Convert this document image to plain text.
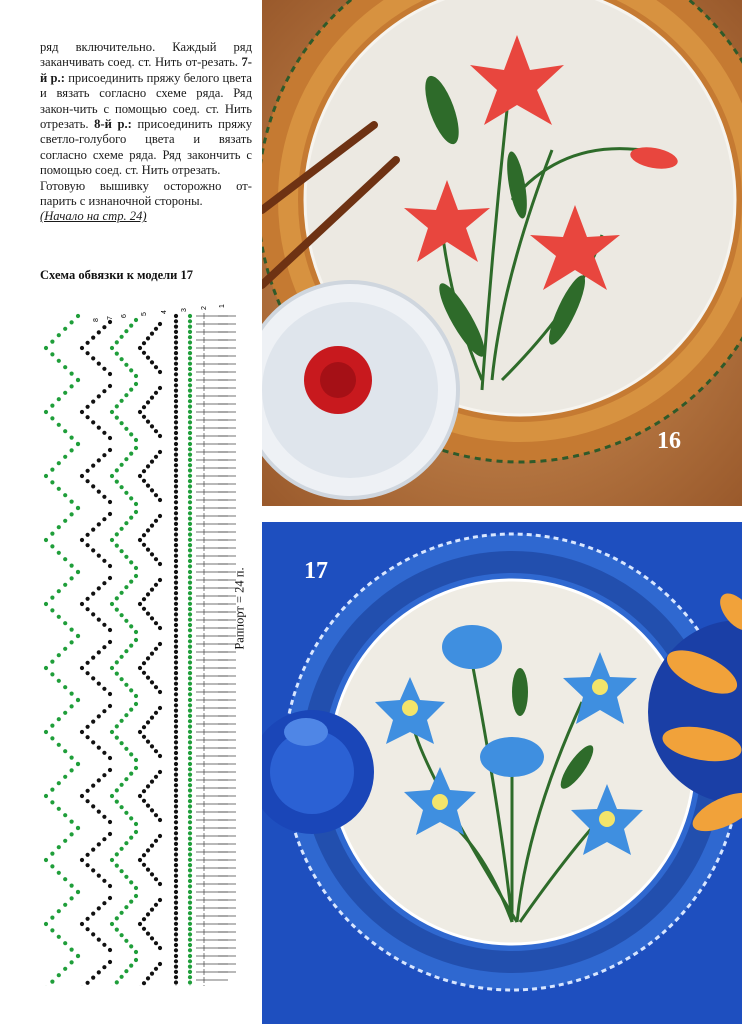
ряд включительно. Каждый ряд заканчивать соед. ст. Нить от-резать. 7-й р.: присоединить пряжу белого цвета и вязать согласно схеме ряда. Ряд закон-чить с помощью соед. ст. Нить отрезать. 8-й р.: присоединить пряжу светло-голубого цвета и вязать согласно схеме ряда. Ряд закончить с помощью соед. ст. Нить отрезать.

Готовую вышивку осторожно от-парить с изнаночной стороны.

(Начало на стр. 24)

Схема обвязки к модели 17
8
7
6
5
4
3
2
1
Раппорт = 24 п.
16
17
